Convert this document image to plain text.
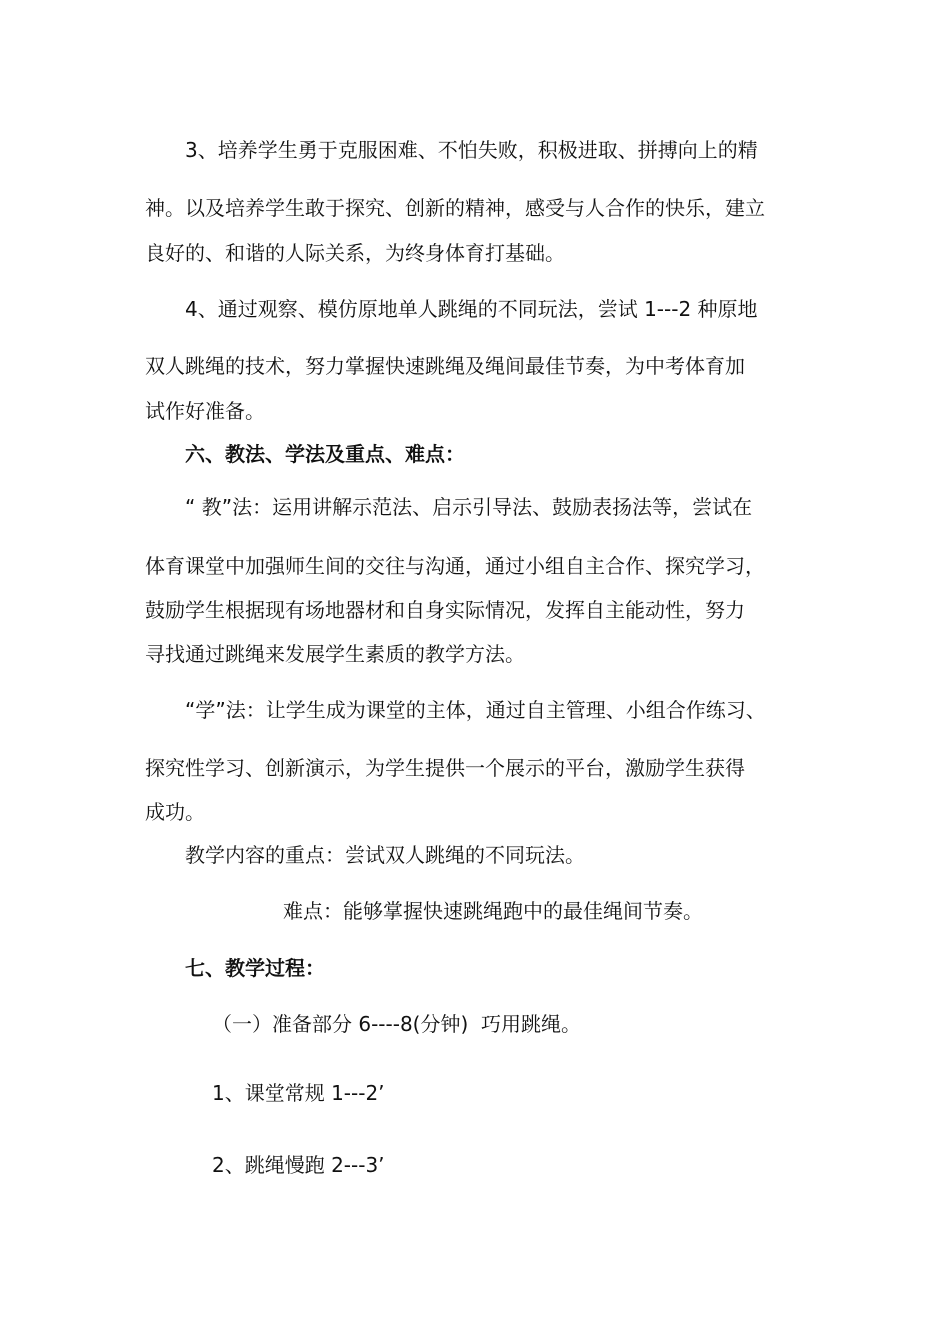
3、培养学生勇于克服困难、不怕失败，积极进取、拼搏向上的精
神。以及培养学生敢于探究、创新的精神，感受与人合作的快乐，建立
良好的、和谐的人际关系，为终身体育打基础。
4、通过观察、模仿原地单人跳绳的不同玩法，尝试 1---2 种原地
双人跳绳的技术，努力掌握快速跳绳及绳间最佳节奏，为中考体育加
试作好准备。
六、教法、学法及重点、难点：
“ 教”法：运用讲解示范法、启示引导法、鼓励表扬法等，尝试在
体育课堂中加强师生间的交往与沟通，通过小组自主合作、探究学习，
鼓励学生根据现有场地器材和自身实际情况，发挥自主能动性，努力
寻找通过跳绳来发展学生素质的教学方法。
“学”法：让学生成为课堂的主体，通过自主管理、小组合作练习、
探究性学习、创新演示，为学生提供一个展示的平台，激励学生获得
成功。
教学内容的重点：尝试双人跳绳的不同玩法。
难点：能够掌握快速跳绳跑中的最佳绳间节奏。
七、教学过程：
（一）准备部分 6----8(分钟)  巧用跳绳。
1、课堂常规 1---2’
2、跳绳慢跑 2---3’
